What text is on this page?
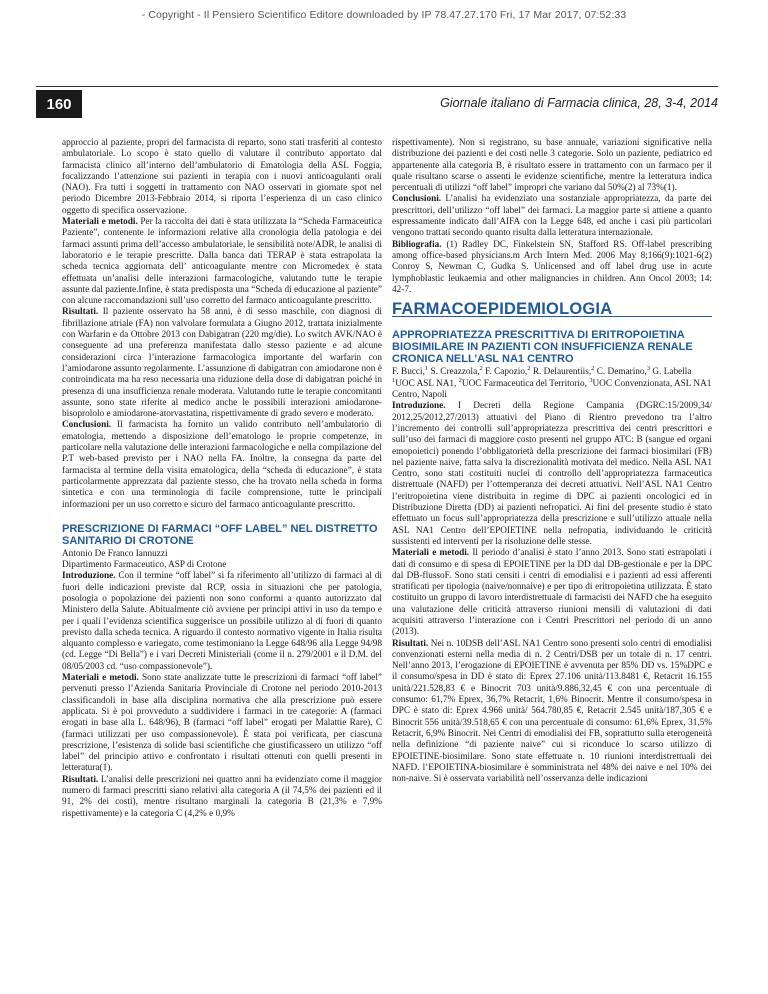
- Copyright - Il Pensiero Scientifico Editore downloaded by IP 78.47.27.170 Fri, 17 Mar 2017, 07:52:33
160	Giornale italiano di Farmacia clinica, 28, 3-4, 2014

approccio al paziente, propri del farmacista di reparto, sono stati trasferiti al contesto ambulatoriale. Lo scopo è stato quello di valutare il contributo apportato dal farmacista clinico all’interno dell’ambulatorio di Ematologia della ASL Foggia, focalizzando l’attenzione sui pazienti in terapia con i nuovi anticoagulanti orali (NAO). Fra tutti i soggetti in trattamento con NAO osservati in giornate spot nel periodo Dicembre 2013-Febbraio 2014, si riporta l’esperienza di un caso clinico oggetto di specifica osservazione.

Materiali e metodi. Per la raccolta dei dati è stata utilizzata la “Scheda Farmaceutica Paziente”, contenente le informazioni relative alla cronologia della patologia e dei farmaci assunti prima dell’accesso ambulatoriale, le sensibilità note/ADR, le analisi di laboratorio e le terapie prescritte. Dalla banca dati TERAP è stata estrapolata la scheda tecnica aggiornata dell’ anticoagulante mentre con Micromedex è stata effettuata un’analisi delle interazioni farmacologiche, valutando tutte le terapie assunte dal paziente.Infine, è stata predisposta una “Scheda di educazione al paziente” con alcune raccomandazioni sull’uso corretto del farmaco anticoagulante prescritto.

Risultati. Il paziente osservato ha 58 anni, è di sesso maschile, con diagnosi di fibrillazione atriale (FA) non valvolare formulata a Giugno 2012, trattata inizialmente con Warfarin e da Ottobre 2013 con Dabigatran (220 mg/die). Lo switch AVK/NAO è conseguente ad una preferenza manifestata dallo stesso paziente e ad alcune considerazioni circa l’interazione farmacologica importante del warfarin con l’amiodarone assunto regolarmente. L’assunzione di dabigatran con amiodarone non è controindicata ma ha reso necessaria una riduzione della dose di dabigatran poiché in presenza di una insufficienza renale moderata. Valutando tutte le terapie concomitanti assunte, sono state riferite al medico anche le possibili interazioni amiodarone-bisoprololo e amiodarone-atorvastatina, rispettivamente di grado severo e moderato.

Conclusioni. Il farmacista ha fornito un valido contributo nell’ambulatorio di ematologia, mettendo a disposizione dell’ematologo le proprie competenze, in particolare nella valutazione delle interazioni farmacologiche e nella compilazione del P.T web-based previsto per i NAO nella FA. Inoltre, la consegna da parte del farmacista al termine della visita ematologica, della “scheda di educazione”, è stata particolarmente apprezzata dal paziente stesso, che ha trovato nella scheda in forma sintetica e con una terminologia di facile comprensione, tutte le principali informazioni per un uso corretto e sicuro del farmaco anticoagulante prescritto.

PRESCRIZIONE DI FARMACI “OFF LABEL” NEL DISTRETTO SANITARIO DI CROTONE

Antonio De Franco Iannuzzi

Dipartimento Farmaceutico, ASP di Crotone

Introduzione. Con il termine “off label” si fa riferimento all’utilizzo di farmaci al di fuori delle indicazioni previste dal RCP, ossia in situazioni che per patologia, posologia o popolazione dei pazienti non sono conformi a quanto autorizzato dal Ministero della Salute. Abitualmente ciò avviene per principi attivi in uso da tempo e per i quali l’evidenza scientifica suggerisce un possibile utilizzo al di fuori di quanto previsto dalla scheda tecnica. A riguardo il contesto normativo vigente in Italia risulta alquanto complesso e variegato, come testimoniano la Legge 648/96 alla Legge 94/98 (cd. Legge “Di Bella”) e i vari Decreti Ministeriali (come il n. 279/2001 e il D.M. del 08/05/2003 cd. “uso compassionevole”).

Materiali e metodi. Sono state analizzate tutte le prescrizioni di farmaci “off label” pervenuti presso l’Azienda Sanitaria Provinciale di Crotone nel periodo 2010-2013 classificandoli in base alla disciplina normativa che alla prescrizione può essere applicata. Si è poi provveduto a suddividere i farmaci in tre categorie: A (farmaci erogati in base alla L. 648/96), B (farmaci “off label” erogati per Malattie Rare), C (farmaci utilizzati per uso compassionevole). È stata poi verificata, per ciascuna prescrizione, l’esistenza di solide basi scientifiche che giustificassero un utilizzo “off label” del principio attivo e confrontato i risultati ottenuti con quelli presenti in letteratura(1).

Risultati. L’analisi delle prescrizioni nei quattro anni ha evidenziato come il maggior numero di farmaci prescritti siano relativi alla categoria A (il 74,5% dei pazienti ed il 91, 2% dei costi), mentre risultano marginali la categoria B (21,3% e 7,9% rispettivamente) e la categoria C (4,2% e 0,9%

rispettivamente). Non si registrano, su base annuale, variazioni significative nella distribuzione dei pazienti e dei costi nelle 3 categorie. Solo un paziente, pediatrico ed appartenente alla categoria B, è risultato essere in trattamento con un farmaco per il quale risultano scarse o assenti le evidenze scientifiche, mentre la letteratura indica percentuali di utilizzi “off label” impropri che variano dal 50%(2) al 73%(1).

Conclusioni. L’analisi ha evidenziato una sostanziale appropriatezza, da parte dei prescrittori, dell’utilizzo “off label” dei farmaci. La maggior parte si attiene a quanto espressamente indicato dall’AIFA con la Legge 648, ed anche i casi più particolari vengono trattati secondo quanto risulta dalla letteratura internazionale.

Bibliografia. (1) Radley DC, Finkelstein SN, Stafford RS. Off-label prescribing among office-based physicians.m Arch Intern Med. 2006 May 8;166(9):1021-6(2) Conroy S, Newman C, Gudka S. Unlicensed and off label drug use in acute lymphoblastic leukaemia and other malignancies in children. Ann Oncol 2003; 14: 42-7.

FARMACOEPIDEMIOLOGIA
APPROPRIATEZZA PRESCRITTIVA DI ERITROPOIETINA BIOSIMILARE IN PAZIENTI CON INSUFFICIENZA RENALE CRONICA NELL’ASL NA1 CENTRO

F. Bucci,$^1$ S. Creazzola,$^2$ F. Capozio,$^2$ R. Delaurentiis,$^2$ C. Demarino,$^3$ G. Labella

$^1$UOC ASL NA1, $^2$UOC Farmaceutica del Territorio, $^3$UOC Convenzionata, ASL NA1 Centro, Napoli

Introduzione. I Decreti della Regione Campania (DGRC:15/2009,34/ 2012,25/2012,27/2013) attuativi del Piano di Rientro prevedono tra l’altro l’incremento dei controlli sull’appropriatezza prescrittiva dei centri prescrittori e sull’uso dei farmaci di maggiore costo presenti nel gruppo ATC: B (sangue ed organi emopoietici) ponendo l’obbligatorietà della prescrizione dei farmaci biosimilari (FB) nel paziente naive, fatta salva la discrezionalità motivata del medico. Nella ASL NA1 Centro, sono stati costituiti nuclei di controllo dell’appropriatezza farmaceutica distrettuale (NAFD) per l’ottemperanza dei decreti attuativi. Nell’ASL NA1 Centro l’eritropoietina viene distribuita in regime di DPC ai pazienti oncologici ed in Distribuzione Diretta (DD) ai pazienti nefropatici. Ai fini del presente studio è stato effettuato un focus sull’appropriatezza della prescrizione e sull’utilizzo attuale nella ASL NA1 Centro dell’EPOIETINE nella nefropatia, individuando le criticità sussistenti ed interventi per la risoluzione delle stesse.

Materiali e metodi. Il periodo d’analisi è stato l’anno 2013. Sono stati estrapolati i dati di consumo e di spesa di EPOIETINE per la DD dal DB-gestionale e per la DPC dal DB-flussoF. Sono stati censiti i centri di emodialisi e i pazienti ad essi afferenti stratificati per tipologia (naive/nonnaive) e per tipo di eritropoietina utilizzata. È stato costituito un gruppo di lavoro interdistrettuale di farmacisti dei NAFD che ha eseguito una valutazione delle criticità attraverso riunioni mensili di valutazioni di dati acquisiti attraverso l’interazione con i Centri Prescrittori nel periodo di un anno (2013).

Risultati. Nei n. 10DSB dell’ASL NA1 Centro sono presenti solo centri di emodialisi convenzionati esterni nella media di n. 2 Centri/DSB per un totale di n. 17 centri. Nell’anno 2013, l’erogazione di EPOIETINE è avvenuta per 85% DD vs. 15%DPC e il consumo/spesa in DD è stato di: Eprex 27.106 unità/113.8481 €, Retacrit 16.155 unità/221.528,83 € e Binocrit 703 unità/9.886,32,45 € con una percentuale di consumo: 61,7% Eprex, 36,7% Retacrit, 1,6% Binocrit. Mentre il consumo/spesa in DPC è stato di: Eprex 4.966 unità/ 564.780,85 €, Retacrit 2.545 unità/187,305 € e Binocrit 556 unità/39.518,65 € con una percentuale di consumo: 61,6% Eprex, 31,5% Retacrit, 6,9% Binocrit. Nei Centri di emodialisi dei FB, soprattutto sulla eterogeneità nella definizione “di paziente naive” cui si riconduce lo scarso utilizzo di EPOIETINE-biosimilare. Sono state effettuate n. 10 riunioni interdistrettuali dei NAFD. l’EPOIETINA-biosimilare è somministrata nel 48% dei naive e nel 10% dei non-naive. Si è osservata variabilità nell’osservanza delle indicazioni
